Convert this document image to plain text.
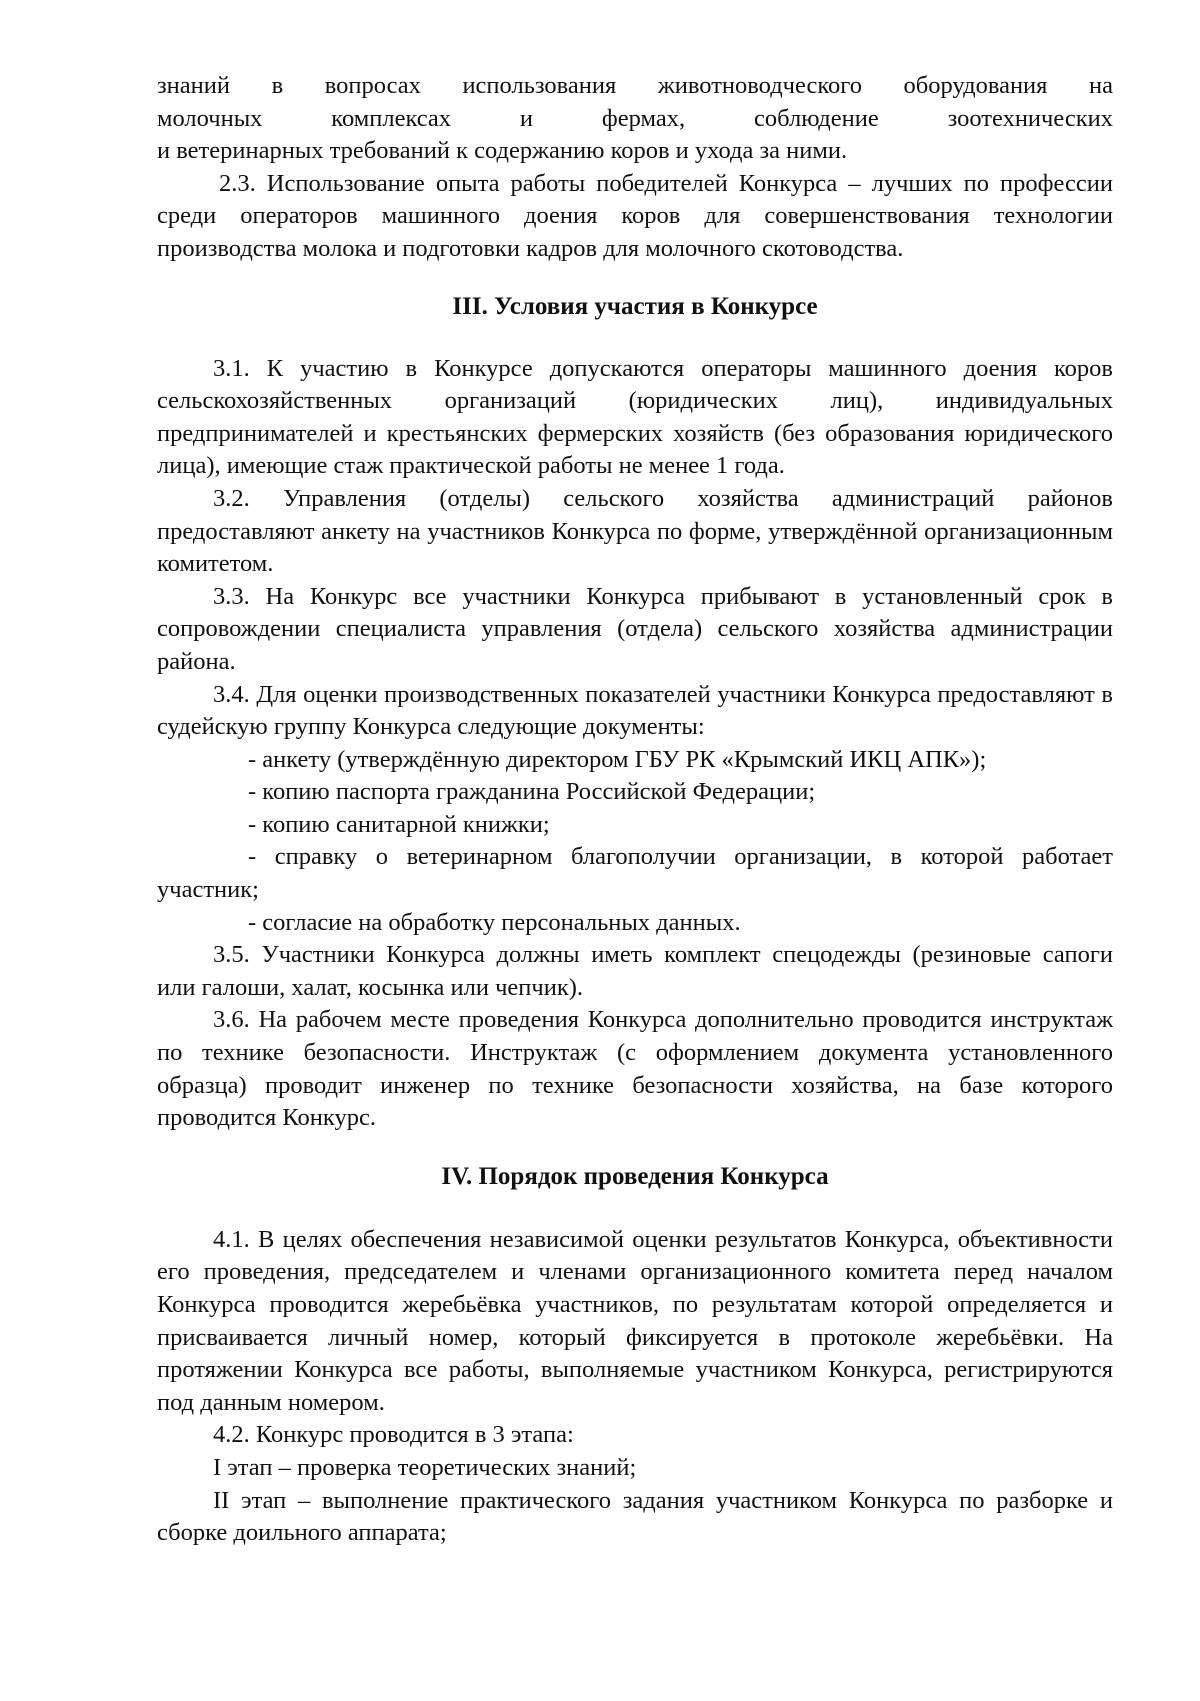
знаний в вопросах использования животноводческого оборудования на
молочных комплексах и фермах, соблюдение зоотехнических
и ветеринарных требований к содержанию коров и ухода за ними.

2.3. Использование опыта работы победителей Конкурса – лучших по профессии среди операторов машинного доения коров для совершенствования технологии производства молока и подготовки кадров для молочного скотоводства.

III. Условия участия в Конкурсе

3.1. К участию в Конкурсе допускаются операторы машинного доения коров сельскохозяйственных организаций (юридических лиц), индивидуальных предпринимателей и крестьянских фермерских хозяйств (без образования юридического лица), имеющие стаж практической работы не менее 1 года.

3.2. Управления (отделы) сельского хозяйства администраций районов предоставляют анкету на участников Конкурса по форме, утверждённой организационным комитетом.

3.3. На Конкурс все участники Конкурса прибывают в установленный срок в сопровождении специалиста управления (отдела) сельского хозяйства администрации района.

3.4. Для оценки производственных показателей участники Конкурса предоставляют в судейскую группу Конкурса следующие документы:

- анкету (утверждённую директором ГБУ РК «Крымский ИКЦ АПК»);

- копию паспорта гражданина Российской Федерации;

- копию санитарной книжки;

- справку о ветеринарном благополучии организации, в которой работает участник;

- согласие на обработку персональных данных.

3.5. Участники Конкурса должны иметь комплект спецодежды (резиновые сапоги или галоши, халат, косынка или чепчик).

3.6. На рабочем месте проведения Конкурса дополнительно проводится инструктаж по технике безопасности. Инструктаж (с оформлением документа установленного образца) проводит инженер по технике безопасности хозяйства, на базе которого проводится Конкурс.

IV. Порядок проведения Конкурса

4.1. В целях обеспечения независимой оценки результатов Конкурса, объективности его проведения, председателем и членами организационного комитета перед началом Конкурса проводится жеребьёвка участников, по результатам которой определяется и присваивается личный номер, который фиксируется в протоколе жеребьёвки. На протяжении Конкурса все работы, выполняемые участником Конкурса, регистрируются под данным номером.

4.2. Конкурс проводится в 3 этапа:

I этап – проверка теоретических знаний;

II этап – выполнение практического задания участником Конкурса по разборке и сборке доильного аппарата;
